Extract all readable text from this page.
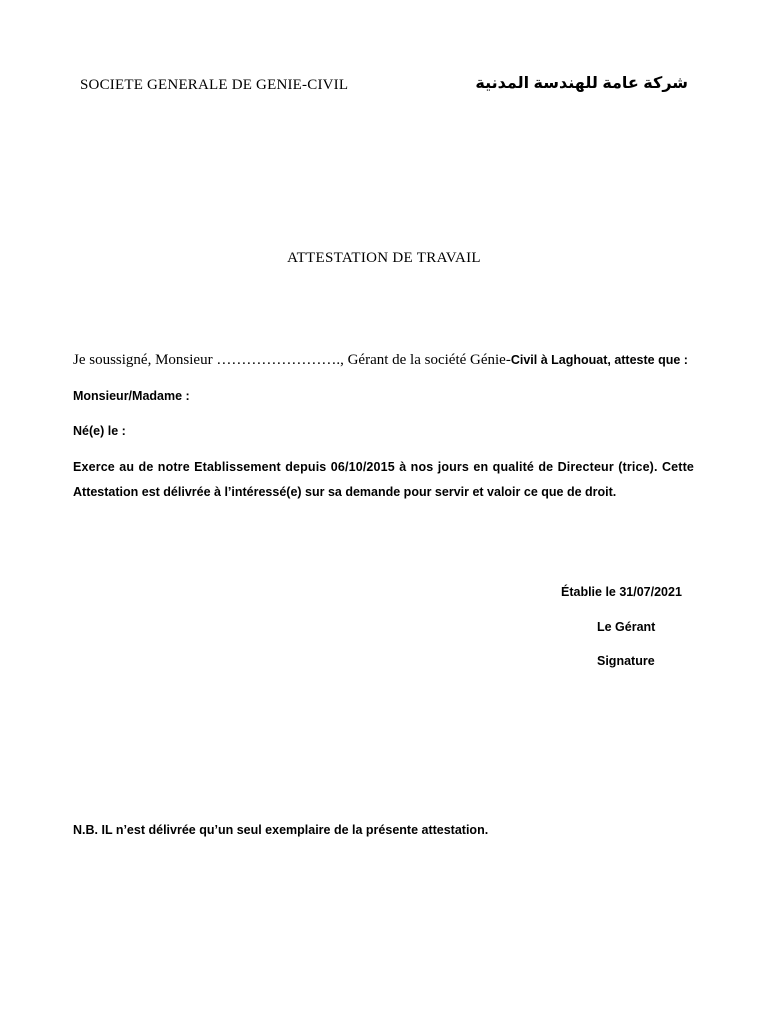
SOCIETE GENERALE DE GENIE-CIVIL	شركة عامة للهندسة المدنية
ATTESTATION DE TRAVAIL
Je soussigné, Monsieur ……………………., Gérant de la société Génie-Civil à Laghouat, atteste que :
Monsieur/Madame :
Né(e) le :
Exerce au de notre Etablissement depuis 06/10/2015 à nos jours en qualité de Directeur (trice). Cette
Attestation est délivrée à l’intéressé(e) sur sa demande pour servir et valoir ce que de droit.
Établie le 31/07/2021
Le Gérant
Signature
N.B. IL n’est délivrée qu’un seul exemplaire de la présente attestation.
